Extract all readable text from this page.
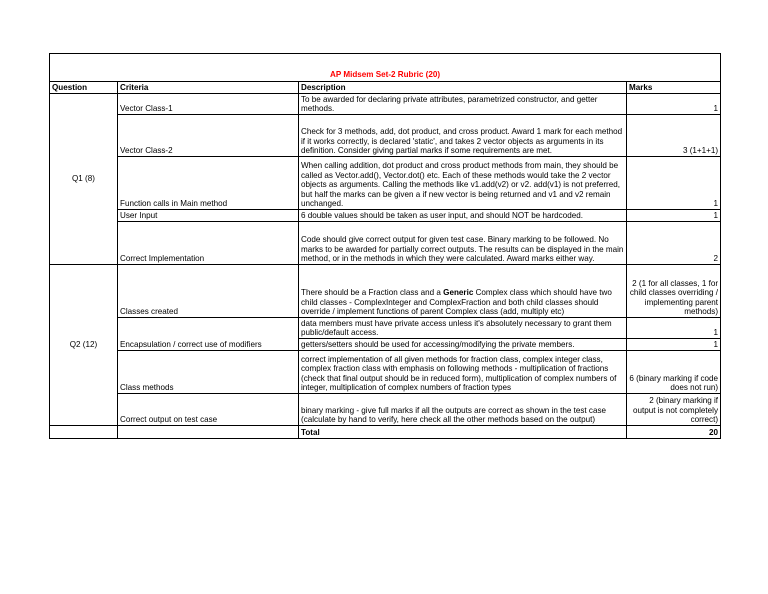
AP Midsem Set-2 Rubric (20)			
Question	Criteria	Description	Marks
Q1 (8)	Vector Class-1	To be awarded for declaring private attributes, parametrized constructor, and getter methods.	1
	Vector Class-2	Check for 3 methods, add, dot product, and cross product. Award 1 mark for each method if it works correctly, is declared 'static', and takes 2 vector objects as arguments in its definition. Consider giving partial marks if some requirements are met.	3 (1+1+1)
	Function calls in Main method	When calling addition, dot product and cross product methods from main, they should be called as Vector.add(), Vector.dot() etc. Each of these methods would take the 2 vector objects as arguments. Calling the methods like v1.add(v2) or v2. add(v1) is not preferred, but half the marks can be given a if new vector is being returned and v1 and v2 remain unchanged.	1
	User Input	6 double values should be taken as user input, and should NOT be hardcoded.	1
	Correct Implementation	Code should give correct output for given test case. Binary marking to be followed. No marks to be awarded for partially correct outputs. The results can be displayed in the main method, or in the methods in which they were calculated. Award marks either way.	2
Q2 (12)	Classes created	There should be a Fraction class and a Generic Complex class which should have two child classes - ComplexInteger and ComplexFraction and both child classes should override / implement functions of parent Complex class (add, multiply etc)	2 (1 for all classes, 1 for child classes overriding / implementing parent methods)
	Encapsulation / correct use of modifiers	data members must have private access unless it's absolutely necessary to grant them public/default access.	1
		getters/setters should be used for accessing/modifying the private members.	1
	Class methods	correct implementation of all given methods for fraction class, complex integer class, complex fraction class with emphasis on following methods - multiplication of fractions (check that final output should be in reduced form), multiplication of complex numbers of integer, multiplication of complex numbers of fraction types	6 (binary marking if code does not run)
	Correct output on test case	binary marking - give full marks if all the outputs are correct as shown in the test case (calculate by hand to verify, here check all the other methods based on the output)	2 (binary marking if output is not completely correct)
		Total	20
